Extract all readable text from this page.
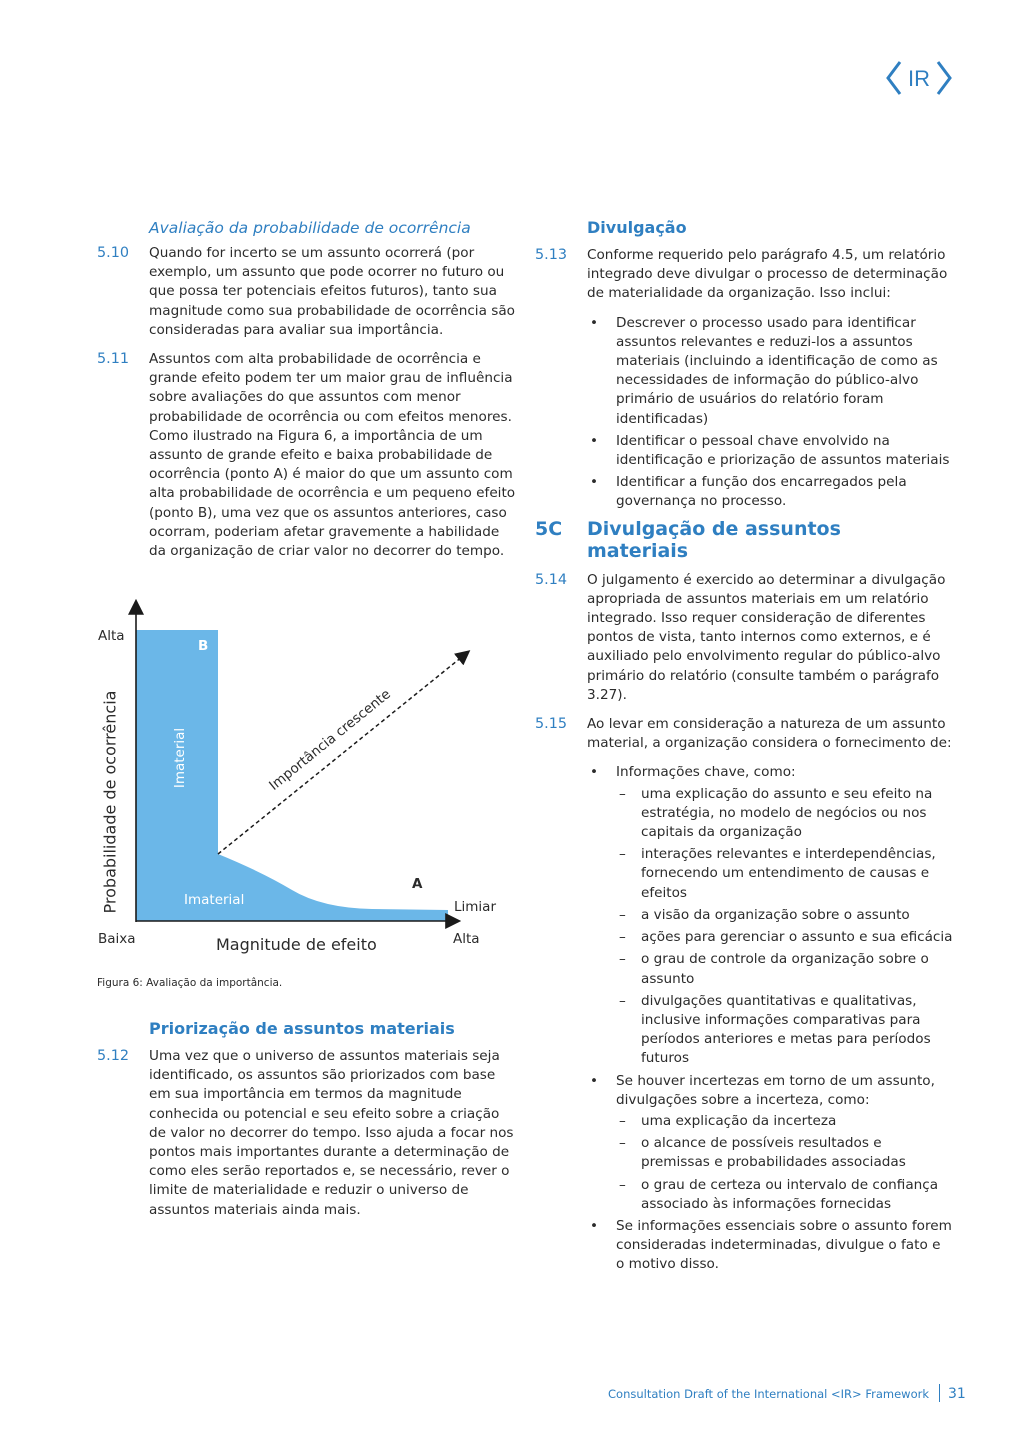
IR
Avaliação da probabilidade de ocorrência
5.10 Quando for incerto se um assunto ocorrerá (por exemplo, um assunto que pode ocorrer no futuro ou que possa ter potenciais efeitos futuros), tanto sua magnitude como sua probabilidade de ocorrência são consideradas para avaliar sua importância.
5.11 Assuntos com alta probabilidade de ocorrência e grande efeito podem ter um maior grau de influência sobre avaliações do que assuntos com menor probabilidade de ocorrência ou com efeitos menores. Como ilustrado na Figura 6, a importância de um assunto de grande efeito e baixa probabilidade de ocorrência (ponto A) é maior do que um assunto com alta probabilidade de ocorrência e um pequeno efeito (ponto B), uma vez que os assuntos anteriores, caso ocorram, poderiam afetar gravemente a habilidade da organização de criar valor no decorrer do tempo.
Alta
Baixa	Alta
Limiar
Magnitude de efeito
Probabilidade de ocorrência
B
A
Imaterial
Imaterial
Importância crescente
Figura 6: Avaliação da importância.
Priorização de assuntos materiais
5.12 Uma vez que o universo de assuntos materiais seja identificado, os assuntos são priorizados com base em sua importância em termos da magnitude conhecida ou potencial e seu efeito sobre a criação de valor no decorrer do tempo. Isso ajuda a focar nos pontos mais importantes durante a determinação de como eles serão reportados e, se necessário, rever o limite de materialidade e reduzir o universo de assuntos materiais ainda mais.
Divulgação
5.13 Conforme requerido pelo parágrafo 4.5, um relatório integrado deve divulgar o processo de determinação de materialidade da organização. Isso inclui:
• Descrever o processo usado para identificar assuntos relevantes e reduzi-los a assuntos materiais (incluindo a identificação de como as necessidades de informação do público-alvo primário de usuários do relatório foram identificadas)
• Identificar o pessoal chave envolvido na identificação e priorização de assuntos materiais
• Identificar a função dos encarregados pela governança no processo.
5C Divulgação de assuntos
materiais
5.14 O julgamento é exercido ao determinar a divulgação apropriada de assuntos materiais em um relatório integrado. Isso requer consideração de diferentes pontos de vista, tanto internos como externos, e é auxiliado pelo envolvimento regular do público-alvo primário do relatório (consulte também o parágrafo 3.27).
5.15 Ao levar em consideração a natureza de um assunto material, a organização considera o fornecimento de:
• Informações chave, como:
– uma explicação do assunto e seu efeito na estratégia, no modelo de negócios ou nos capitais da organização
– interações relevantes e interdependências, fornecendo um entendimento de causas e efeitos
– a visão da organização sobre o assunto
– ações para gerenciar o assunto e sua eficácia
– o grau de controle da organização sobre o assunto
– divulgações quantitativas e qualitativas, inclusive informações comparativas para períodos anteriores e metas para períodos futuros
• Se houver incertezas em torno de um assunto, divulgações sobre a incerteza, como:
– uma explicação da incerteza
– o alcance de possíveis resultados e premissas e probabilidades associadas
– o grau de certeza ou intervalo de confiança associado às informações fornecidas
• Se informações essenciais sobre o assunto forem consideradas indeterminadas, divulgue o fato e o motivo disso.
Consultation Draft of the International <IR> Framework 31
